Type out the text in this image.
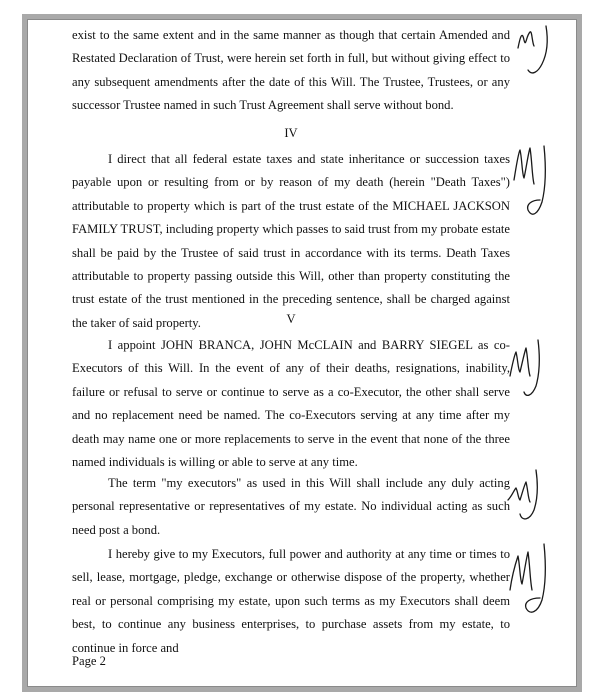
exist to the same extent and in the same manner as though that certain Amended and Restated Declaration of Trust, were herein set forth in full, but without giving effect to any subsequent amendments after the date of this Will. The Trustee, Trustees, or any successor Trustee named in such Trust Agreement shall serve without bond.

IV

I direct that all federal estate taxes and state inheritance or succession taxes payable upon or resulting from or by reason of my death (herein "Death Taxes") attributable to property which is part of the trust estate of the MICHAEL JACKSON FAMILY TRUST, including property which passes to said trust from my probate estate shall be paid by the Trustee of said trust in accordance with its terms. Death Taxes attributable to property passing outside this Will, other than property constituting the trust estate of the trust mentioned in the preceding sentence, shall be charged against the taker of said property.	V

I appoint JOHN BRANCA, JOHN McCLAIN and BARRY SIEGEL as co-Executors of this Will. In the event of any of their deaths, resignations, inability, failure or refusal to serve or continue to serve as a co-Executor, the other shall serve and no replacement need be named. The co-Executors serving at any time after my death may name one or more replacements to serve in the event that none of the three named individuals is willing or able to serve at any time.

The term "my executors" as used in this Will shall include any duly acting personal representative or representatives of my estate. No individual acting as such need post a bond.

I hereby give to my Executors, full power and authority at any time or times to sell, lease, mortgage, pledge, exchange or otherwise dispose of the property, whether real or personal comprising my estate, upon such terms as my Executors shall deem best, to continue any business enterprises, to purchase assets from my estate, to continue in force and

Page 2
